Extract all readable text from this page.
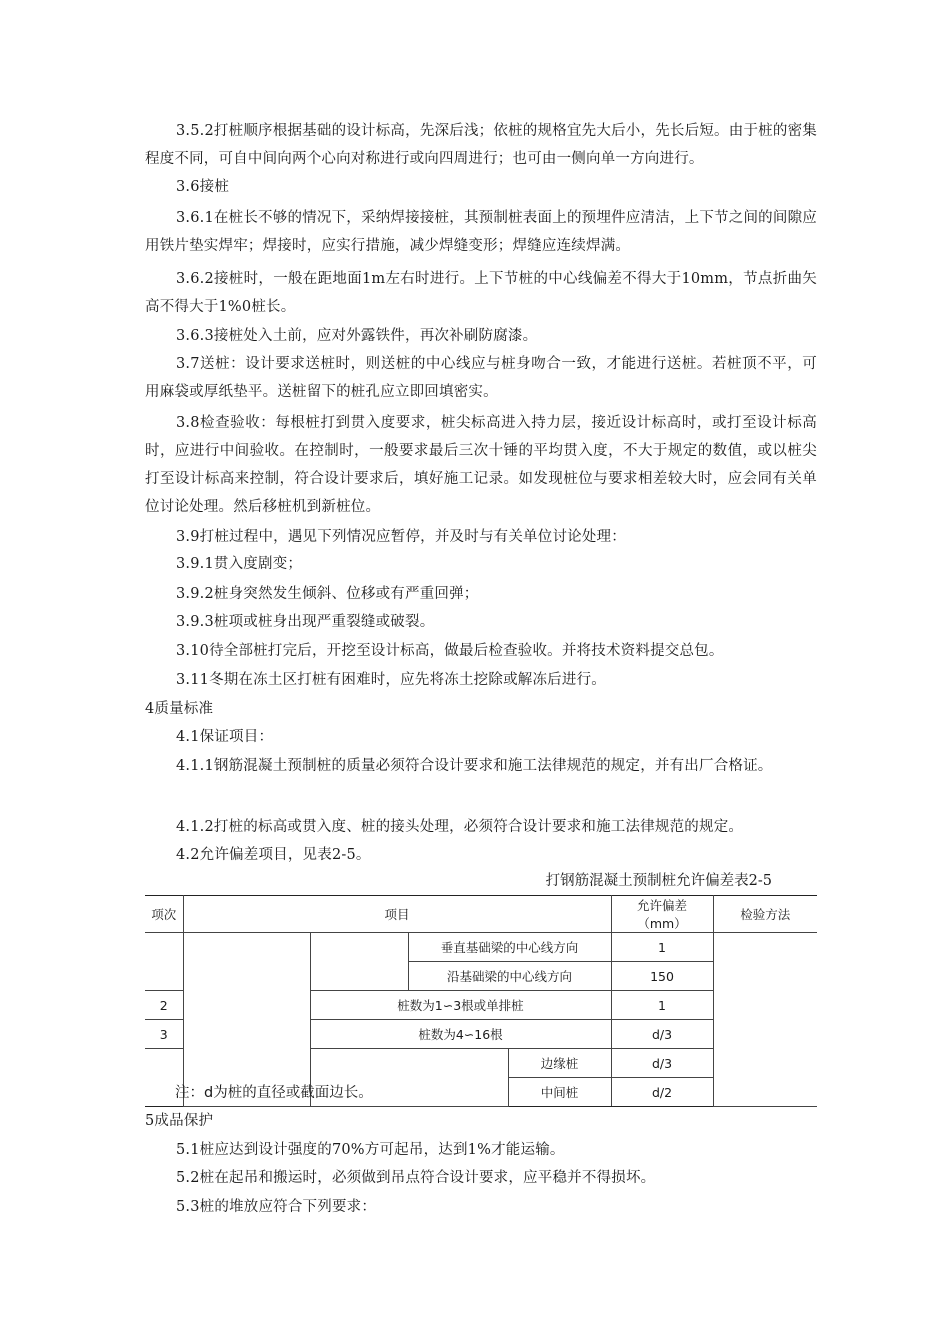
3.5.2打桩顺序根据基础的设计标高，先深后浅；依桩的规格宜先大后小，先长后短。由于桩的密集程度不同，可自中间向两个心向对称进行或向四周进行；也可由一侧向单一方向进行。

3.6接桩

3.6.1在桩长不够的情况下，采纳焊接接桩，其预制桩表面上的预埋件应清洁，上下节之间的间隙应用铁片垫实焊牢；焊接时，应实行措施，减少焊缝变形；焊缝应连续焊满。

3.6.2接桩时，一般在距地面1m左右时进行。上下节桩的中心线偏差不得大于10mm，节点折曲矢高不得大于1%0桩长。

3.6.3接桩处入土前，应对外露铁件，再次补刷防腐漆。

3.7送桩：设计要求送桩时，则送桩的中心线应与桩身吻合一致，才能进行送桩。若桩顶不平，可用麻袋或厚纸垫平。送桩留下的桩孔应立即回填密实。

3.8检查验收：每根桩打到贯入度要求，桩尖标高进入持力层，接近设计标高时，或打至设计标高时，应进行中间验收。在控制时，一般要求最后三次十锤的平均贯入度，不大于规定的数值，或以桩尖打至设计标高来控制，符合设计要求后，填好施工记录。如发现桩位与要求相差较大时，应会同有关单位讨论处理。然后移桩机到新桩位。

3.9打桩过程中，遇见下列情况应暂停，并及时与有关单位讨论处理：

3.9.1贯入度剧变；

3.9.2桩身突然发生倾斜、位移或有严重回弹；

3.9.3桩项或桩身出现严重裂缝或破裂。

3.10待全部桩打完后，开挖至设计标高，做最后检查验收。并将技术资料提交总包。

3.11冬期在冻土区打桩有困难时，应先将冻土挖除或解冻后进行。

4质量标准

4.1保证项目：

4.1.1钢筋混凝土预制桩的质量必须符合设计要求和施工法律规范的规定，并有出厂合格证。

4.1.2打桩的标高或贯入度、桩的接头处理，必须符合设计要求和施工法律规范的规定。

4.2允许偏差项目，见表2-5。

打钢筋混凝土预制桩允许偏差表2-5
项次	项目				允许偏差（mm）	检验方法
			垂直基础梁的中心线方向		1	
			沿基础梁的中心线方向		150	
2		桩数为1∽3根或单排桩			1	
3		桩数为4∽16根			d/3	
				边缘桩	d/3	
				中间桩	d/2	
注：d为桩的直径或截面边长。

5成品保护

5.1桩应达到设计强度的70%方可起吊，达到1%才能运输。

5.2桩在起吊和搬运时，必须做到吊点符合设计要求，应平稳并不得损坏。

5.3桩的堆放应符合下列要求：
